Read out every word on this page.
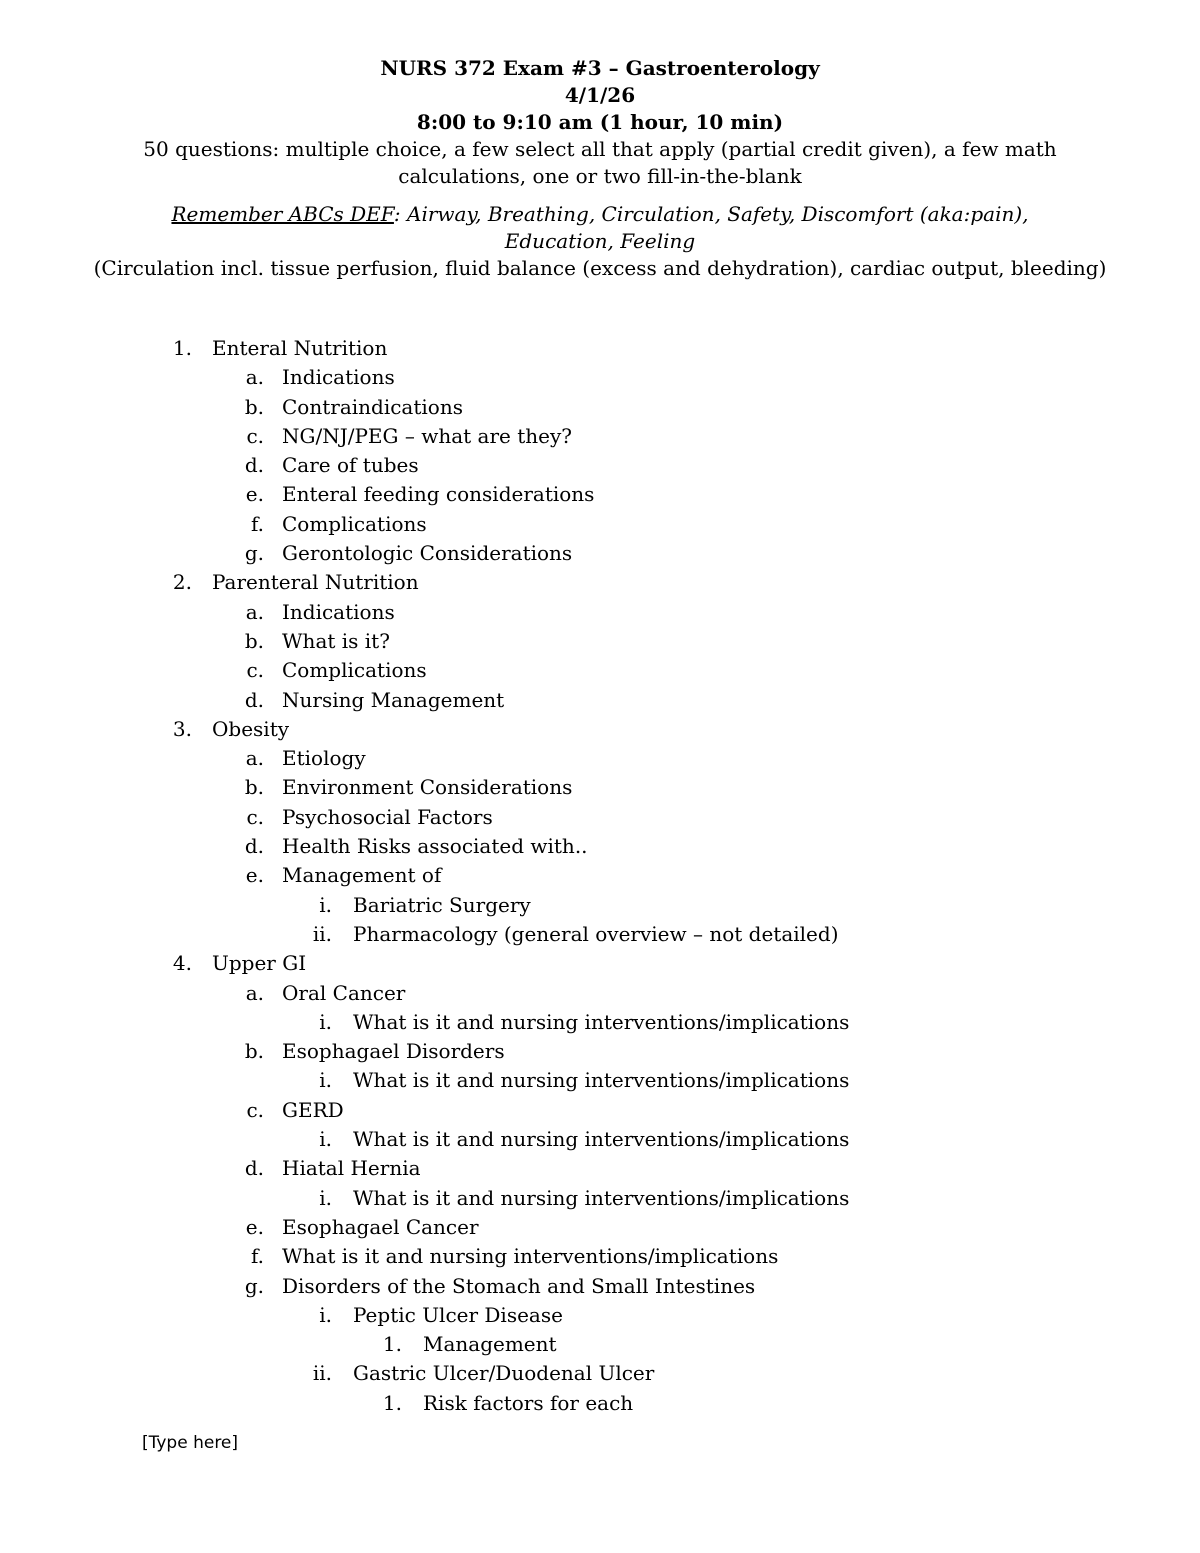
NURS 372 Exam #3 – Gastroenterology

4/1/26

8:00 to 9:10 am (1 hour, 10 min)

50 questions: multiple choice, a few select all that apply (partial credit given), a few math

calculations, one or two fill-in-the-blank

Remember ABCs DEF: Airway, Breathing, Circulation, Safety, Discomfort (aka:pain),

Education, Feeling

(Circulation incl. tissue perfusion, fluid balance (excess and dehydration), cardiac output, bleeding)

1. Enteral Nutrition
a. Indications
b. Contraindications
c. NG/NJ/PEG – what are they?
d. Care of tubes
e. Enteral feeding considerations
f. Complications
g. Gerontologic Considerations
2. Parenteral Nutrition
a. Indications
b. What is it?
c. Complications
d. Nursing Management
3. Obesity
a. Etiology
b. Environment Considerations
c. Psychosocial Factors
d. Health Risks associated with..
e. Management of
i. Bariatric Surgery
ii. Pharmacology (general overview – not detailed)
4. Upper GI
a. Oral Cancer
i. What is it and nursing interventions/implications
b. Esophagael Disorders
i. What is it and nursing interventions/implications
c. GERD
i. What is it and nursing interventions/implications
d. Hiatal Hernia
i. What is it and nursing interventions/implications
e. Esophagael Cancer
f. What is it and nursing interventions/implications
g. Disorders of the Stomach and Small Intestines
i. Peptic Ulcer Disease
1. Management
ii. Gastric Ulcer/Duodenal Ulcer
1. Risk factors for each
[Type here]
